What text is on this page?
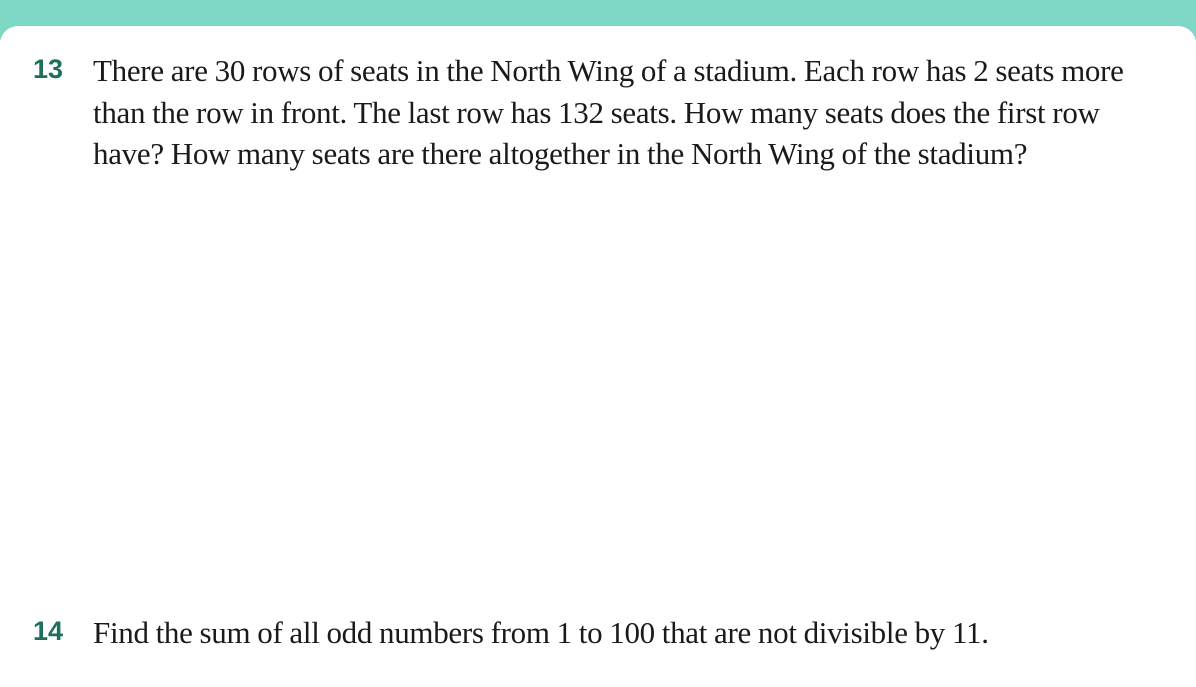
13 There are 30 rows of seats in the North Wing of a stadium. Each row has 2 seats more
than the row in front. The last row has 132 seats. How many seats does the first row
have? How many seats are there altogether in the North Wing of the stadium?
14 Find the sum of all odd numbers from 1 to 100 that are not divisible by 11.
